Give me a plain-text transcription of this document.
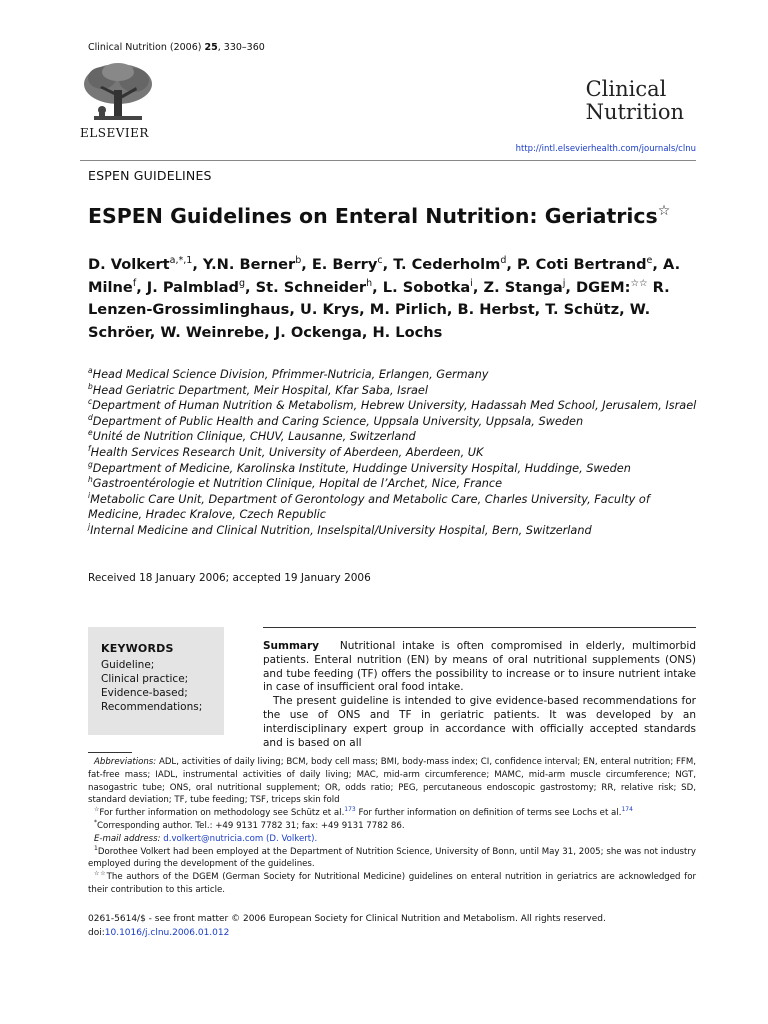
Clinical Nutrition (2006) 25, 330–360
ELSEVIER
Clinical
Nutrition
http://intl.elsevierhealth.com/journals/clnu
ESPEN GUIDELINES
ESPEN Guidelines on Enteral Nutrition: Geriatrics☆
D. Volkert$^{a,*,1}$, Y.N. Berner$^b$, E. Berry$^c$, T. Cederholm$^d$, P. Coti Bertrand$^e$, A. Milne$^f$, J. Palmblad$^g$, St. Schneider$^h$, L. Sobotka$^i$, Z. Stanga$^j$, DGEM:☆☆ R. Lenzen-Grossimlinghaus, U. Krys, M. Pirlich, B. Herbst, T. Schütz, W. Schröer, W. Weinrebe, J. Ockenga, H. Lochs
$^a$Head Medical Science Division, Pfrimmer-Nutricia, Erlangen, Germany
$^b$Head Geriatric Department, Meir Hospital, Kfar Saba, Israel
$^c$Department of Human Nutrition & Metabolism, Hebrew University, Hadassah Med School, Jerusalem, Israel
$^d$Department of Public Health and Caring Science, Uppsala University, Uppsala, Sweden
$^e$Unité de Nutrition Clinique, CHUV, Lausanne, Switzerland
$^f$Health Services Research Unit, University of Aberdeen, Aberdeen, UK
$^g$Department of Medicine, Karolinska Institute, Huddinge University Hospital, Huddinge, Sweden
$^h$Gastroentérologie et Nutrition Clinique, Hopital de l’Archet, Nice, France
$^i$Metabolic Care Unit, Department of Gerontology and Metabolic Care, Charles University, Faculty of Medicine, Hradec Kralove, Czech Republic
$^j$Internal Medicine and Clinical Nutrition, Inselspital/University Hospital, Bern, Switzerland
Received 18 January 2006; accepted 19 January 2006
KEYWORDS
Guideline;
Clinical practice;
Evidence-based;
Recommendations;

Summary Nutritional intake is often compromised in elderly, multimorbid patients. Enteral nutrition (EN) by means of oral nutritional supplements (ONS) and tube feeding (TF) offers the possibility to increase or to insure nutrient intake in case of insufficient oral food intake.

The present guideline is intended to give evidence-based recommendations for the use of ONS and TF in geriatric patients. It was developed by an interdisciplinary expert group in accordance with officially accepted standards and is based on all

Abbreviations: ADL, activities of daily living; BCM, body cell mass; BMI, body-mass index; CI, confidence interval; EN, enteral nutrition; FFM, fat-free mass; IADL, instrumental activities of daily living; MAC, mid-arm circumference; MAMC, mid-arm muscle circumference; NGT, nasogastric tube; ONS, oral nutritional supplement; OR, odds ratio; PEG, percutaneous endoscopic gastrostomy; RR, relative risk; SD, standard deviation; TF, tube feeding; TSF, triceps skin fold

☆For further information on methodology see Schütz et al.$^{173}$ For further information on definition of terms see Lochs et al.$^{174}$

*Corresponding author. Tel.: +49 9131 7782 31; fax: +49 9131 7782 86.

E-mail address: d.volkert@nutricia.com (D. Volkert).

$^1$Dorothee Volkert had been employed at the Department of Nutrition Science, University of Bonn, until May 31, 2005; she was not industry employed during the development of the guidelines.

☆☆The authors of the DGEM (German Society for Nutritional Medicine) guidelines on enteral nutrition in geriatrics are acknowledged for their contribution to this article.

0261-5614/$ - see front matter © 2006 European Society for Clinical Nutrition and Metabolism. All rights reserved.
doi:10.1016/j.clnu.2006.01.012
